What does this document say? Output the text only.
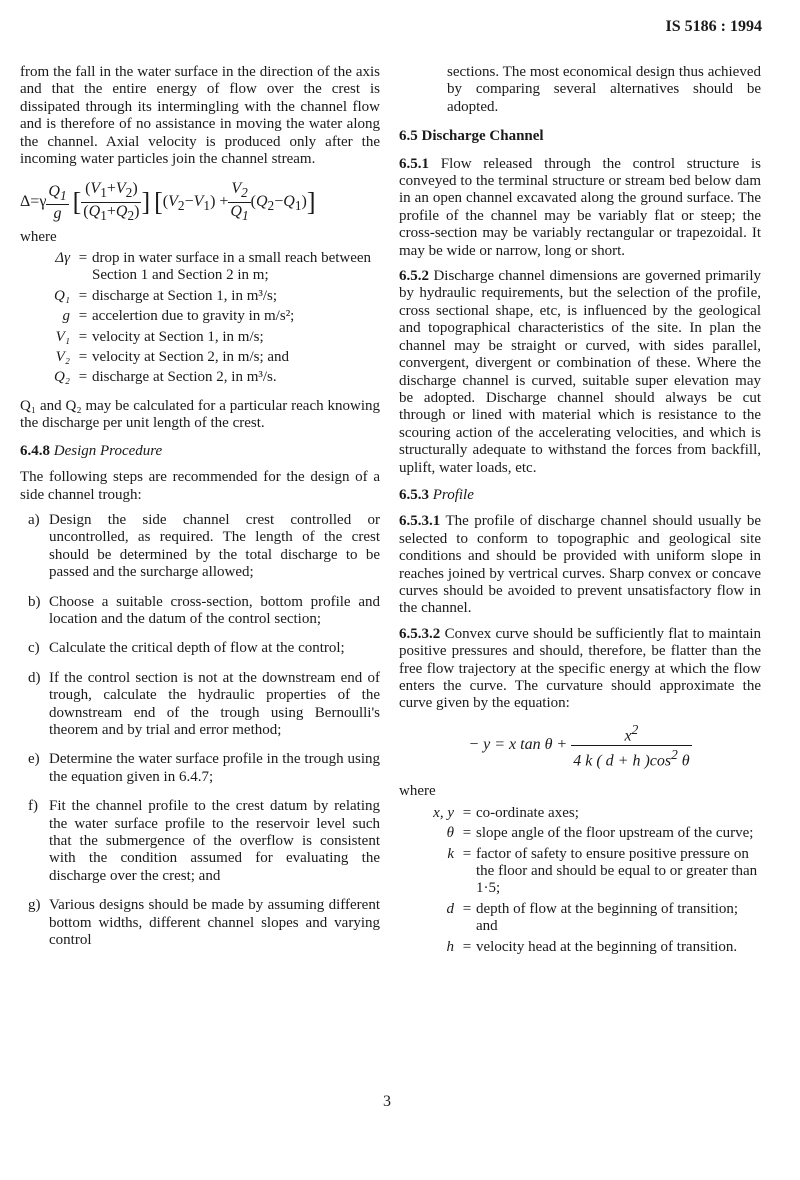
IS 5186 : 1994

from the fall in the water surface in the direction of the axis and that the entire energy of flow over the crest is dissipated through its intermingling with the channel flow and is therefore of no assistance in moving the water along the channel. Axial velocity is produced only after the incoming water particles join the channel stream.

$\Delta=\gamma \frac{Q_1}{g}$ [ $\frac{(V_1+V_2)}{(Q_1+Q_2)}$ ] $[(V_2-V_1) + \frac{V_2}{Q_1} (Q_2-Q_1)]$
where
Δγ	=	drop in water surface in a small reach between Section 1 and Section 2 in m;
Q₁	=	discharge at Section 1, in m³/s;
g	=	accelertion due to gravity in m/s²;
V₁	=	velocity at Section 1, in m/s;
V₂	=	velocity at Section 2, in m/s; and
Q₂	=	discharge at Section 2, in m³/s.

Q₁ and Q₂ may be calculated for a particular reach knowing the discharge per unit length of the crest.

6.4.8 Design Procedure

The following steps are recommended for the design of a side channel trough:

a) Design the side channel crest controlled or uncontrolled, as required. The length of the crest should be determined by the total discharge to be passed and the surcharge allowed;
b) Choose a suitable cross-section, bottom profile and location and the datum of the control section;
c) Calculate the critical depth of flow at the control;
d) If the control section is not at the downstream end of trough, calculate the hydraulic properties of the downstream end of the trough using Bernoulli's theorem and by trial and error method;
e) Determine the water surface profile in the trough using the equation given in 6.4.7;
f) Fit the channel profile to the crest datum by relating the water surface profile to the reservoir level such that the submergence of the overflow is consistent with the condition assumed for evaluating the discharge over the crest; and
g) Various designs should be made by assuming different bottom widths, different channel slopes and varying control

sections. The most economical design thus achieved by comparing several alternatives should be adopted.

6.5 Discharge Channel

6.5.1 Flow released through the control structure is conveyed to the terminal structure or stream bed below dam in an open channel excavated along the ground surface. The profile of the channel may be variably flat or steep; the cross-section may be variably rectangular or trapezoidal. It may be wide or narrow, long or short.

6.5.2 Discharge channel dimensions are governed primarily by hydraulic requirements, but the selection of the profile, cross sectional shape, etc, is influenced by the geological and topographical characteristics of the site. In plan the channel may be straight or curved, with sides parallel, convergent, divergent or combination of these. Where the discharge channel is curved, suitable super elevation may be adopted. Discharge channel should always be cut through or lined with material which is resistance to the scouring action of the accelerating velocities, and which is structurally adequate to withstand the forces from backfill, uplift, water loads, etc.

6.5.3 Profile

6.5.3.1 The profile of discharge channel should usually be selected to conform to topographic and geological site conditions and should be provided with uniform slope in reaches joined by vertrical curves. Sharp convex or concave curves should be avoided to prevent unsatisfactory flow in the channel.

6.5.3.2 Convex curve should be sufficiently flat to maintain positive pressures and should, therefore, be flatter than the free flow trajectory at the specific energy at which the flow enters the curve. The curvature should approximate the curve given by the equation:

− y = x $\tan \theta + \frac{x^2}{4 k ( d + h )\cos^2 \theta}$
where
x, y	=	co-ordinate axes;
θ	=	slope angle of the floor upstream of the curve;
k	=	factor of safety to ensure positive pressure on the floor and should be equal to or greater than 1·5;
d	=	depth of flow at the beginning of transition; and
h	=	velocity head at the beginning of transition.
3
